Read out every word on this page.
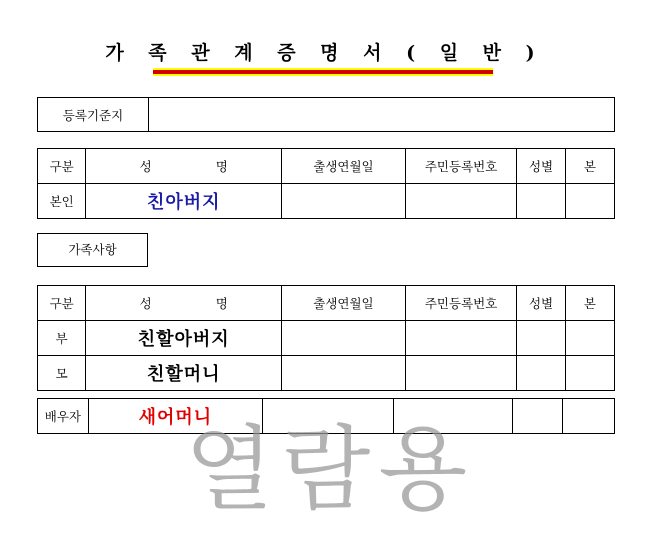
가 족 관 계 증 명 서 ( 일 반 )
등록기준지	
구분	성 명	출생연월일	주민등록번호	성별	본
본인	친아버지				
가족사항
구분	성 명	출생연월일	주민등록번호	성별	본
부	친할아버지				
모	친할머니				
배우자	새어머니				
열람용
